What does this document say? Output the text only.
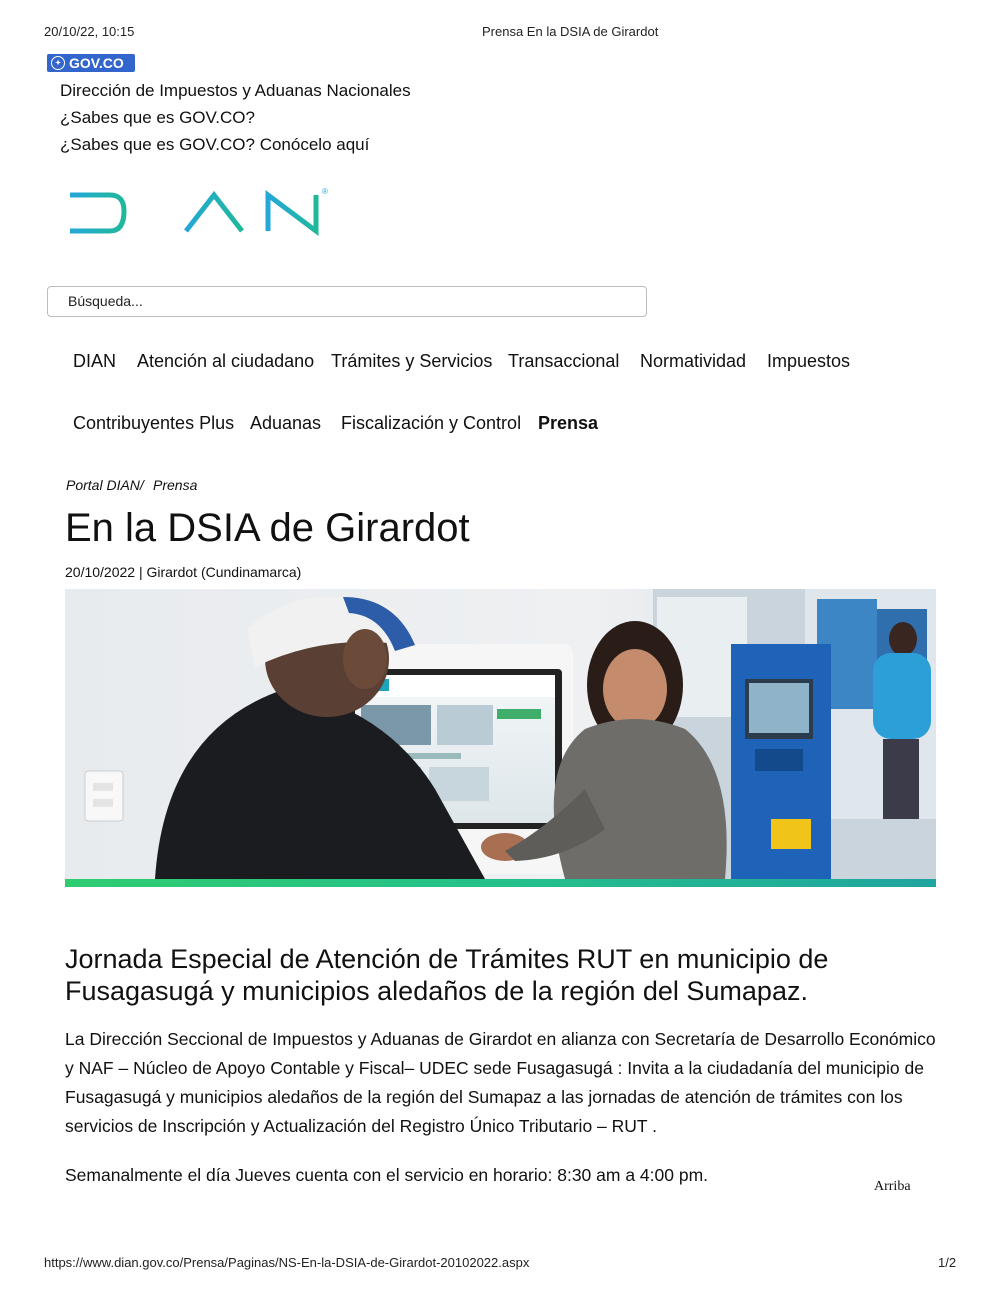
20/10/22, 10:15	Prensa En la DSIA de Girardot
✦ GOV.CO
Dirección de Impuestos y Aduanas Nacionales
¿Sabes que es GOV.CO?
¿Sabes que es GOV.CO? Conócelo aquí
®
Búsqueda...
DIAN Atención al ciudadano Trámites y Servicios Transaccional Normatividad Impuestos
Contribuyentes Plus Aduanas Fiscalización y Control Prensa
Portal DIAN/ Prensa
En la DSIA de Girardot
20/10/2022 | Girardot (Cundinamarca)
Jornada Especial de Atención de Trámites RUT en municipio de Fusagasugá y municipios aledaños de la región del Sumapaz.
La Dirección Seccional de Impuestos y Aduanas de Girardot en alianza con Secretaría de Desarrollo Económico y NAF – Núcleo de Apoyo Contable y Fiscal– UDEC sede Fusagasugá : Invita a la ciudadanía del municipio de Fusagasugá y municipios aledaños de la región del Sumapaz a las jornadas de atención de trámites con los servicios de Inscripción y Actualización del Registro Único Tributario – RUT .
Semanalmente el día Jueves cuenta con el servicio en horario: 8:30 am a 4:00 pm.
Arriba
https://www.dian.gov.co/Prensa/Paginas/NS-En-la-DSIA-de-Girardot-20102022.aspx	1/2
